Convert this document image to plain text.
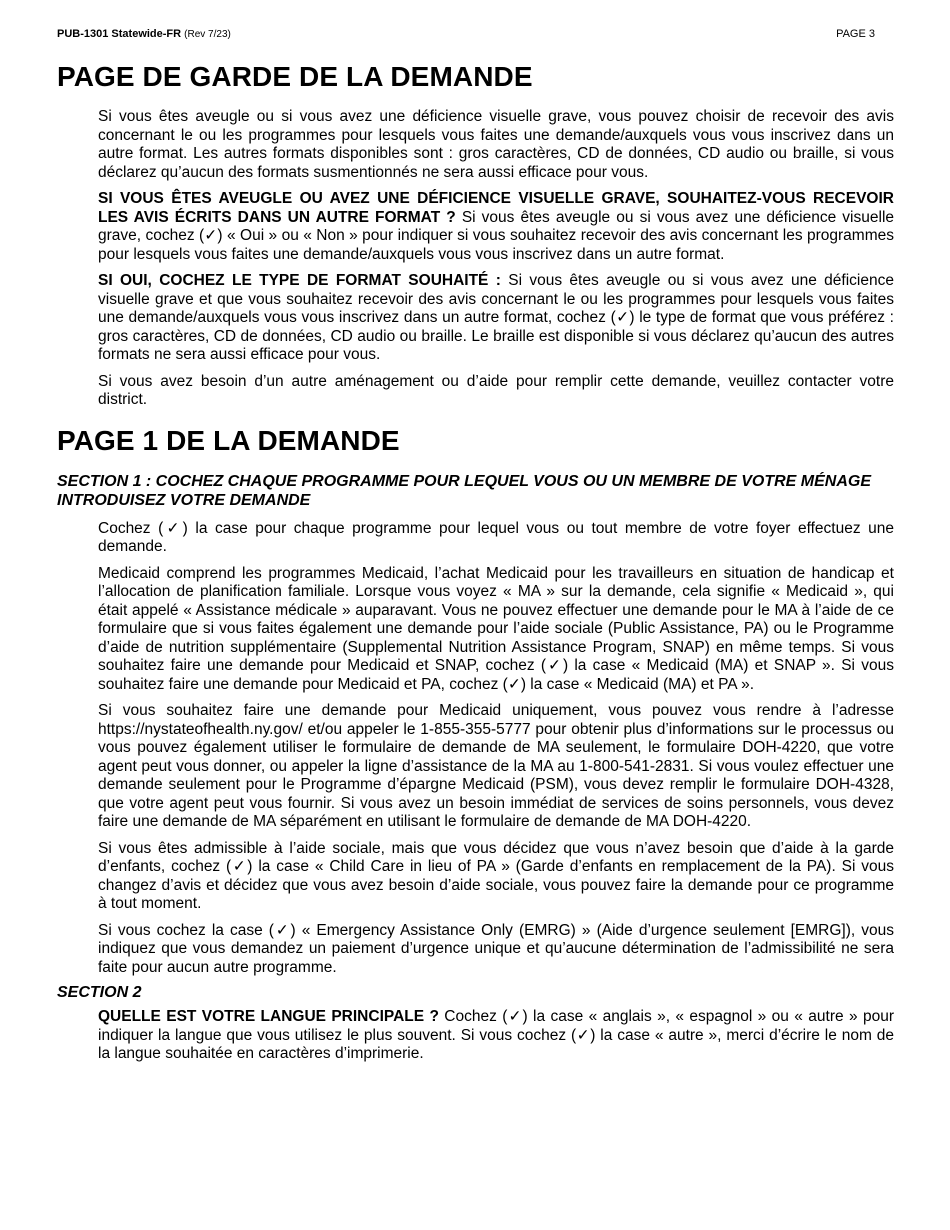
PUB-1301 Statewide-FR (Rev 7/23)	PAGE 3
PAGE DE GARDE DE LA DEMANDE

Si vous êtes aveugle ou si vous avez une déficience visuelle grave, vous pouvez choisir de recevoir des avis concernant le ou les programmes pour lesquels vous faites une demande/auxquels vous vous inscrivez dans un autre format. Les autres formats disponibles sont : gros caractères, CD de données, CD audio ou braille, si vous déclarez qu’aucun des formats susmentionnés ne sera aussi efficace pour vous.

SI VOUS ÊTES AVEUGLE OU AVEZ UNE DÉFICIENCE VISUELLE GRAVE, SOUHAITEZ-VOUS RECEVOIR LES AVIS ÉCRITS DANS UN AUTRE FORMAT ? Si vous êtes aveugle ou si vous avez une déficience visuelle grave, cochez (✓) « Oui » ou « Non » pour indiquer si vous souhaitez recevoir des avis concernant les programmes pour lesquels vous faites une demande/auxquels vous vous inscrivez dans un autre format.

SI OUI, COCHEZ LE TYPE DE FORMAT SOUHAITÉ : Si vous êtes aveugle ou si vous avez une déficience visuelle grave et que vous souhaitez recevoir des avis concernant le ou les programmes pour lesquels vous faites une demande/auxquels vous vous inscrivez dans un autre format, cochez (✓) le type de format que vous préférez : gros caractères, CD de données, CD audio ou braille. Le braille est disponible si vous déclarez qu’aucun des autres formats ne sera aussi efficace pour vous.

Si vous avez besoin d’un autre aménagement ou d’aide pour remplir cette demande, veuillez contacter votre district.

PAGE 1 DE LA DEMANDE
SECTION 1 : COCHEZ CHAQUE PROGRAMME POUR LEQUEL VOUS OU UN MEMBRE DE VOTRE MÉNAGE INTRODUISEZ VOTRE DEMANDE

Cochez (✓) la case pour chaque programme pour lequel vous ou tout membre de votre foyer effectuez une demande.

Medicaid comprend les programmes Medicaid, l’achat Medicaid pour les travailleurs en situation de handicap et l’allocation de planification familiale. Lorsque vous voyez « MA » sur la demande, cela signifie « Medicaid », qui était appelé « Assistance médicale » auparavant. Vous ne pouvez effectuer une demande pour le MA à l’aide de ce formulaire que si vous faites également une demande pour l’aide sociale (Public Assistance, PA) ou le Programme d’aide de nutrition supplémentaire (Supplemental Nutrition Assistance Program, SNAP) en même temps. Si vous souhaitez faire une demande pour Medicaid et SNAP, cochez (✓) la case « Medicaid (MA) et SNAP ». Si vous souhaitez faire une demande pour Medicaid et PA, cochez (✓) la case « Medicaid (MA) et PA ».

Si vous souhaitez faire une demande pour Medicaid uniquement, vous pouvez vous rendre à l’adresse https://nystateofhealth.ny.gov/ et/ou appeler le 1-855-355-5777 pour obtenir plus d’informations sur le processus ou vous pouvez également utiliser le formulaire de demande de MA seulement, le formulaire DOH-4220, que votre agent peut vous donner, ou appeler la ligne d’assistance de la MA au 1-800-541-2831. Si vous voulez effectuer une demande seulement pour le Programme d’épargne Medicaid (PSM), vous devez remplir le formulaire DOH-4328, que votre agent peut vous fournir. Si vous avez un besoin immédiat de services de soins personnels, vous devez faire une demande de MA séparément en utilisant le formulaire de demande de MA DOH-4220.

Si vous êtes admissible à l’aide sociale, mais que vous décidez que vous n’avez besoin que d’aide à la garde d’enfants, cochez (✓) la case « Child Care in lieu of PA » (Garde d’enfants en remplacement de la PA). Si vous changez d’avis et décidez que vous avez besoin d’aide sociale, vous pouvez faire la demande pour ce programme à tout moment.

Si vous cochez la case (✓) « Emergency Assistance Only (EMRG) » (Aide d’urgence seulement [EMRG]), vous indiquez que vous demandez un paiement d’urgence unique et qu’aucune détermination de l’admissibilité ne sera faite pour aucun autre programme.

SECTION 2

QUELLE EST VOTRE LANGUE PRINCIPALE ? Cochez (✓) la case « anglais », « espagnol » ou « autre » pour indiquer la langue que vous utilisez le plus souvent. Si vous cochez (✓) la case « autre », merci d’écrire le nom de la langue souhaitée en caractères d’imprimerie.
